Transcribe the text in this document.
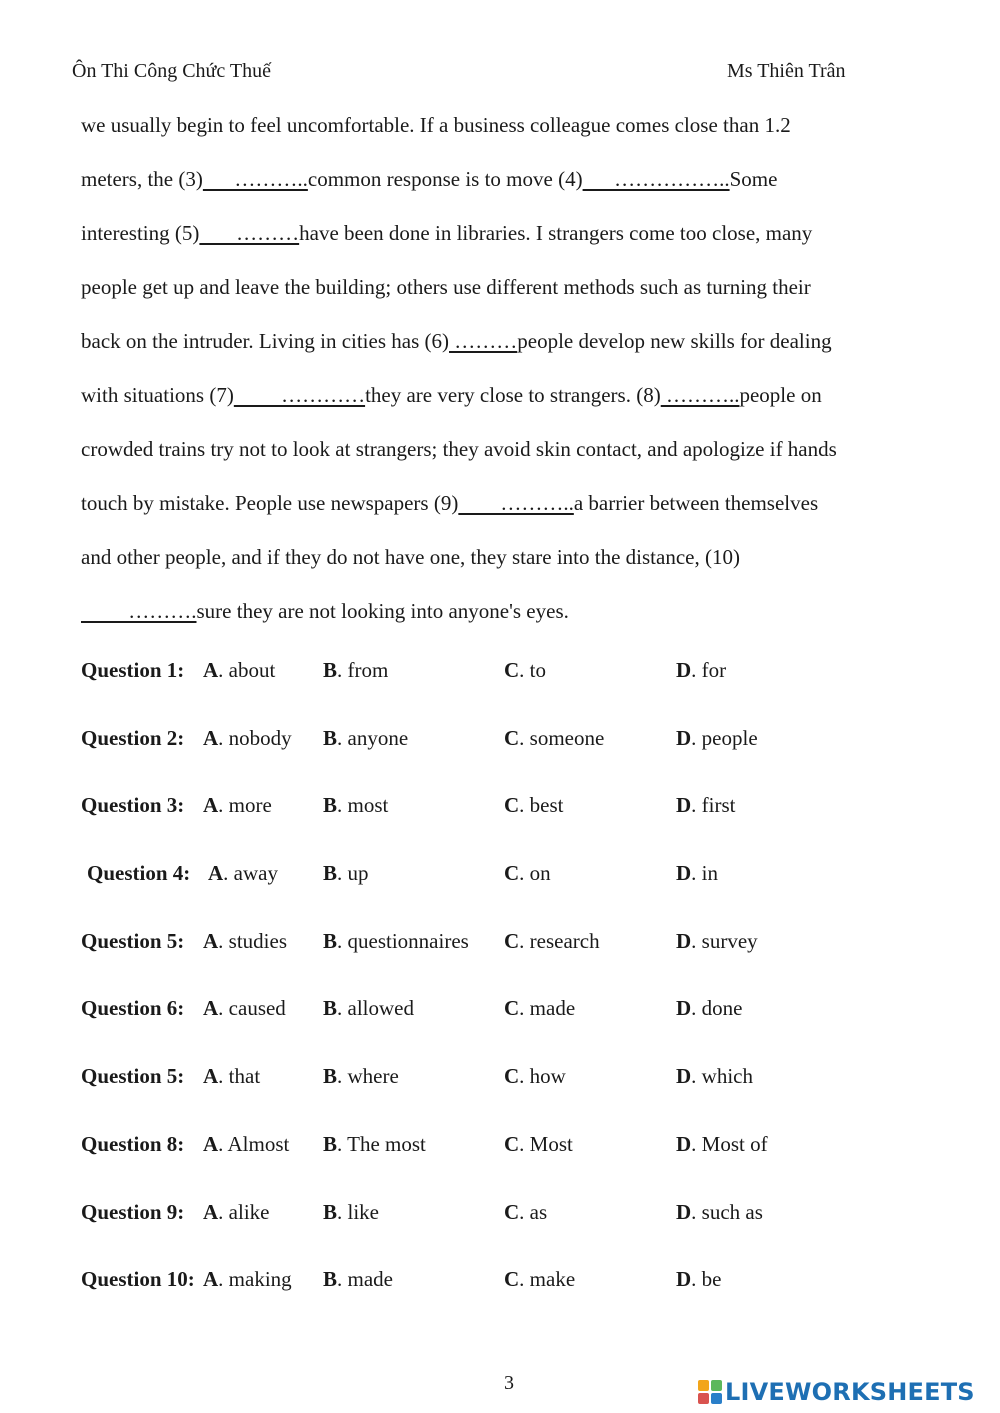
Ôn Thi Công Chức Thuế	Ms Thiên Trân
we usually begin to feel uncomfortable. If a business colleague comes close than 1.2
meters, the (3)      ………..common response is to move (4)      ……………..Some
interesting (5)       ………have been done in libraries. I strangers come too close, many
people get up and leave the building; others use different methods such as turning their
back on the intruder. Living in cities has (6) ………people develop new skills for dealing
with situations (7)         …………they are very close to strangers. (8) ………..people on
crowded trains try not to look at strangers; they avoid skin contact, and apologize if hands
touch by mistake. People use newspapers (9)        ………..a barrier between themselves
and other people, and if they do not have one, they stare into the distance, (10)
……….sure they are not looking into anyone's eyes.
Question 1: A. about B. from	C. to	D. for
Question 2: A. nobody B. anyone	C. someone	D. people
Question 3: A. more B. most	C. best	D. first
Question 4: A. away B. up	C. on	D. in
Question 5: A. studies B. questionnaires C. research	D. survey
Question 6: A. caused B. allowed	C. made	D. done
Question 5: A. that	B. where	C. how	D. which
Question 8: A. Almost B. The most	C. Most	D. Most of
Question 9: A. alike	B. like	C. as	D. such as
Question 10: A. making B. made	C. make	D. be
3	LIVEWORKSHEETS
